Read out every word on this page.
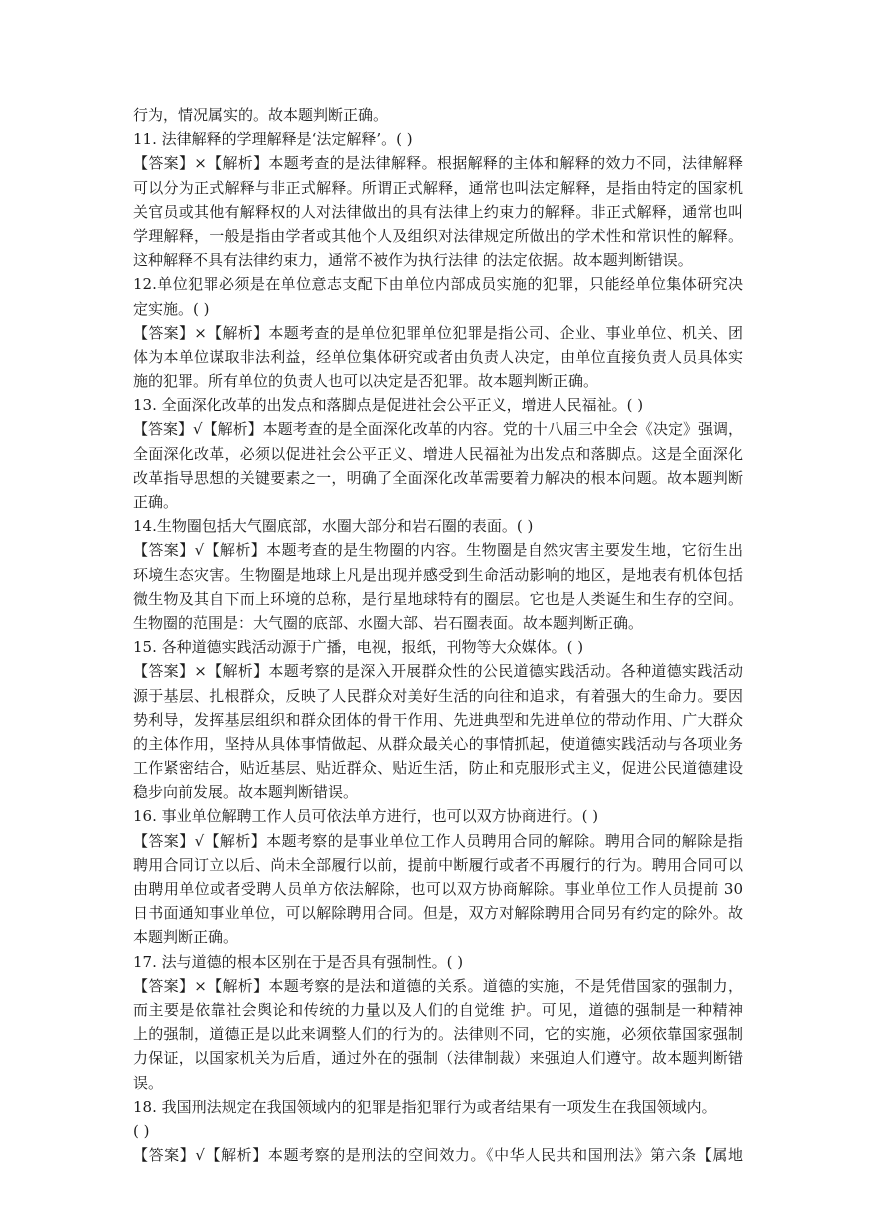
行为，情况属实的。故本题判断正确。
11. 法律解释的学理解释是‘法定解释’。( )
【答案】×【解析】本题考查的是法律解释。根据解释的主体和解释的效力不同，法律解释
可以分为正式解释与非正式解释。所谓正式解释，通常也叫法定解释，是指由特定的国家机
关官员或其他有解释权的人对法律做出的具有法律上约束力的解释。非正式解释，通常也叫
学理解释，一般是指由学者或其他个人及组织对法律规定所做出的学术性和常识性的解释。
这种解释不具有法律约束力，通常不被作为执行法律 的法定依据。故本题判断错误。
12.单位犯罪必须是在单位意志支配下由单位内部成员实施的犯罪，只能经单位集体研究决
定实施。( )
【答案】×【解析】本题考查的是单位犯罪单位犯罪是指公司、企业、事业单位、机关、团
体为本单位谋取非法利益，经单位集体研究或者由负责人决定，由单位直接负责人员具体实
施的犯罪。所有单位的负责人也可以决定是否犯罪。故本题判断正确。
13. 全面深化改革的出发点和落脚点是促进社会公平正义，增进人民福祉。( )
【答案】√【解析】本题考查的是全面深化改革的内容。党的十八届三中全会《决定》强调，
全面深化改革，必须以促进社会公平正义、增进人民福祉为出发点和落脚点。这是全面深化
改革指导思想的关键要素之一，明确了全面深化改革需要着力解决的根本问题。故本题判断
正确。
14.生物圈包括大气圈底部，水圈大部分和岩石圈的表面。( )
【答案】√【解析】本题考查的是生物圈的内容。生物圈是自然灾害主要发生地，它衍生出
环境生态灾害。生物圈是地球上凡是出现并感受到生命活动影响的地区，是地表有机体包括
微生物及其自下而上环境的总称，是行星地球特有的圈层。它也是人类诞生和生存的空间。
生物圈的范围是：大气圈的底部、水圈大部、岩石圈表面。故本题判断正确。
15. 各种道德实践活动源于广播，电视，报纸，刊物等大众媒体。( )
【答案】×【解析】本题考察的是深入开展群众性的公民道德实践活动。各种道德实践活动
源于基层、扎根群众，反映了人民群众对美好生活的向往和追求，有着强大的生命力。要因
势利导，发挥基层组织和群众团体的骨干作用、先进典型和先进单位的带动作用、广大群众
的主体作用，坚持从具体事情做起、从群众最关心的事情抓起，使道德实践活动与各项业务
工作紧密结合，贴近基层、贴近群众、贴近生活，防止和克服形式主义，促进公民道德建设
稳步向前发展。故本题判断错误。
16. 事业单位解聘工作人员可依法单方进行，也可以双方协商进行。( )
【答案】√【解析】本题考察的是事业单位工作人员聘用合同的解除。聘用合同的解除是指
聘用合同订立以后、尚未全部履行以前，提前中断履行或者不再履行的行为。聘用合同可以
由聘用单位或者受聘人员单方依法解除，也可以双方协商解除。事业单位工作人员提前 30
日书面通知事业单位，可以解除聘用合同。但是，双方对解除聘用合同另有约定的除外。故
本题判断正确。
17. 法与道德的根本区别在于是否具有强制性。( )
【答案】×【解析】本题考察的是法和道德的关系。道德的实施，不是凭借国家的强制力，
而主要是依靠社会舆论和传统的力量以及人们的自觉维 护。可见，道德的强制是一种精神
上的强制，道德正是以此来调整人们的行为的。法律则不同，它的实施，必须依靠国家强制
力保证，以国家机关为后盾，通过外在的强制（法律制裁）来强迫人们遵守。故本题判断错
误。
18. 我国刑法规定在我国领域内的犯罪是指犯罪行为或者结果有一项发生在我国领域内。
( )
【答案】√【解析】本题考察的是刑法的空间效力。《中华人民共和国刑法》第六条【属地
